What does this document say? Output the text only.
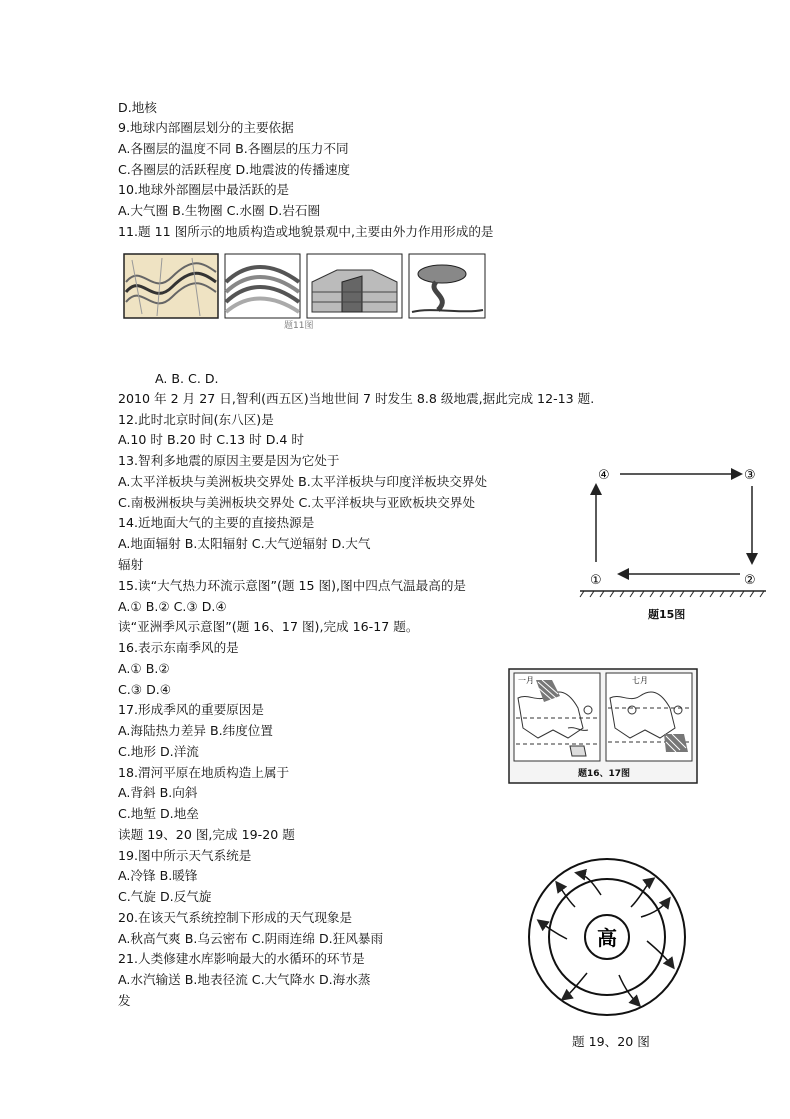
D.地核
9.地球内部圈层划分的主要依据
A.各圈层的温度不同 B.各圈层的压力不同
C.各圈层的活跃程度 D.地震波的传播速度
10.地球外部圈层中最活跃的是
A.大气圈 B.生物圈 C.水圈 D.岩石圈
11.题 11 图所示的地质构造或地貌景观中,主要由外力作用形成的是
A. B. C. D.
2010 年 2 月 27 日,智利(西五区)当地世间 7 时发生 8.8 级地震,据此完成 12-13 题.
12.此时北京时间(东八区)是
A.10 时 B.20 时 C.13 时 D.4 时
13.智利多地震的原因主要是因为它处于
A.太平洋板块与美洲板块交界处 B.太平洋板块与印度洋板块交界处
C.南极洲板块与美洲板块交界处 C.太平洋板块与亚欧板块交界处
14.近地面大气的主要的直接热源是
A.地面辐射 B.太阳辐射 C.大气逆辐射 D.大气
辐射
15.读“大气热力环流示意图”(题 15 图),图中四点气温最高的是
A.① B.② C.③ D.④
读“亚洲季风示意图”(题 16、17 图),完成 16-17 题。
16.表示东南季风的是
A.① B.②
C.③ D.④
17.形成季风的重要原因是
A.海陆热力差异 B.纬度位置
C.地形 D.洋流
18.渭河平原在地质构造上属于
A.背斜 B.向斜
C.地堑 D.地垒
读题 19、20 图,完成 19-20 题
19.图中所示天气系统是
A.冷锋 B.暖锋
C.气旋 D.反气旋
20.在该天气系统控制下形成的天气现象是
A.秋高气爽 B.乌云密布 C.阴雨连绵 D.狂风暴雨
21.人类修建水库影响最大的水循环的环节是
A.水汽输送 B.地表径流 C.大气降水 D.海水蒸
发
题11图
④	③
①	②
题15图
一月	七月
题16、17图
高
题 19、20 图
